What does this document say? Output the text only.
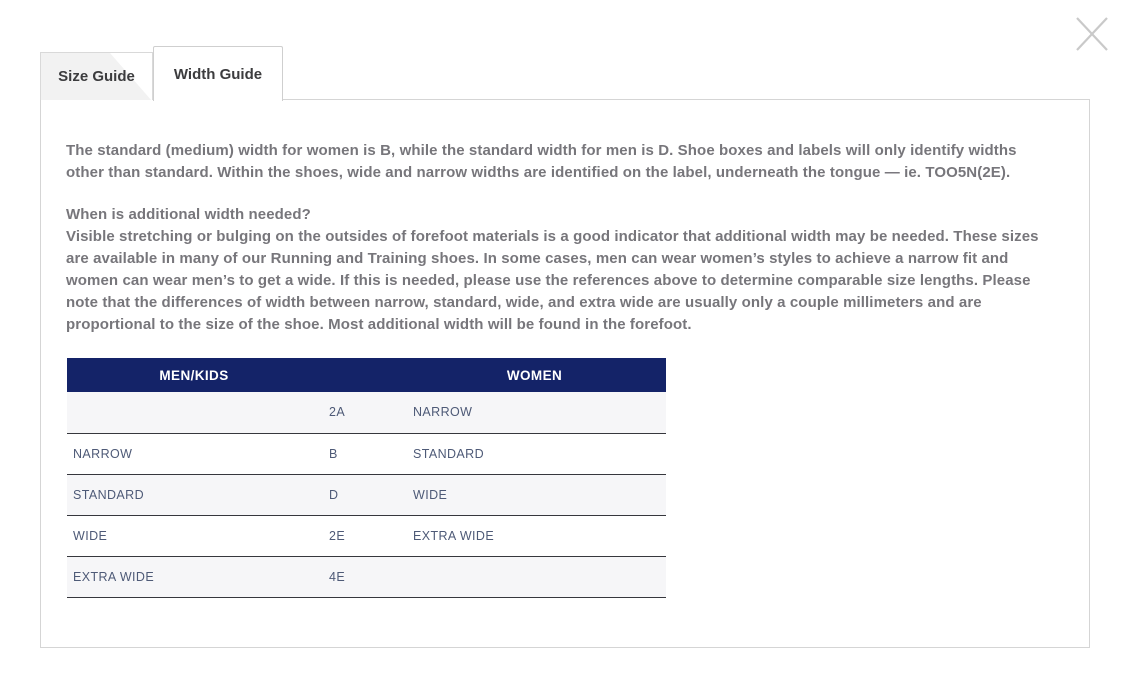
Size Guide	Width Guide

The standard (medium) width for women is B, while the standard width for men is D. Shoe boxes and labels will only identify widths other than standard. Within the shoes, wide and narrow widths are identified on the label, underneath the tongue — ie. TOO5N(2E).

When is additional width needed?

Visible stretching or bulging on the outsides of forefoot materials is a good indicator that additional width may be needed. These sizes are available in many of our Running and Training shoes. In some cases, men can wear women’s styles to achieve a narrow fit and women can wear men’s to get a wide. If this is needed, please use the references above to determine comparable size lengths. Please note that the differences of width between narrow, standard, wide, and extra wide are usually only a couple millimeters and are proportional to the size of the shoe. Most additional width will be found in the forefoot.

MEN/KIDS		WOMEN
	2A	NARROW
NARROW	B	STANDARD
STANDARD	D	WIDE
WIDE	2E	EXTRA WIDE
EXTRA WIDE	4E	
